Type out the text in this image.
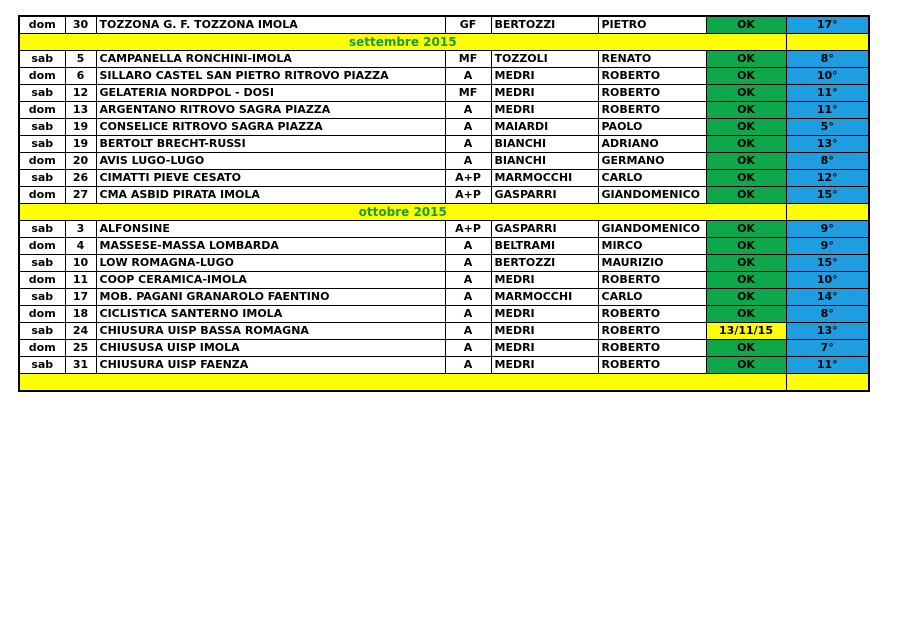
dom	30	TOZZONA G. F. TOZZONA IMOLA	GF	BERTOZZI	PIETRO	OK	17°
settembre 2015							
sab	5	CAMPANELLA RONCHINI-IMOLA	MF	TOZZOLI	RENATO	OK	8°
dom	6	SILLARO CASTEL SAN PIETRO RITROVO PIAZZA	A	MEDRI	ROBERTO	OK	10°
sab	12	GELATERIA NORDPOL - DOSI	MF	MEDRI	ROBERTO	OK	11°
dom	13	ARGENTANO RITROVO SAGRA PIAZZA	A	MEDRI	ROBERTO	OK	11°
sab	19	CONSELICE RITROVO SAGRA PIAZZA	A	MAIARDI	PAOLO	OK	5°
sab	19	BERTOLT BRECHT-RUSSI	A	BIANCHI	ADRIANO	OK	13°
dom	20	AVIS LUGO-LUGO	A	BIANCHI	GERMANO	OK	8°
sab	26	CIMATTI PIEVE CESATO	A+P	MARMOCCHI	CARLO	OK	12°
dom	27	CMA ASBID PIRATA IMOLA	A+P	GASPARRI	GIANDOMENICO	OK	15°
ottobre 2015							
sab	3	ALFONSINE	A+P	GASPARRI	GIANDOMENICO	OK	9°
dom	4	MASSESE-MASSA LOMBARDA	A	BELTRAMI	MIRCO	OK	9°
sab	10	LOW ROMAGNA-LUGO	A	BERTOZZI	MAURIZIO	OK	15°
dom	11	COOP CERAMICA-IMOLA	A	MEDRI	ROBERTO	OK	10°
sab	17	MOB. PAGANI GRANAROLO FAENTINO	A	MARMOCCHI	CARLO	OK	14°
dom	18	CICLISTICA SANTERNO IMOLA	A	MEDRI	ROBERTO	OK	8°
sab	24	CHIUSURA UISP BASSA ROMAGNA	A	MEDRI	ROBERTO	13/11/15	13°
dom	25	CHIUSUSA UISP IMOLA	A	MEDRI	ROBERTO	OK	7°
sab	31	CHIUSURA UISP FAENZA	A	MEDRI	ROBERTO	OK	11°
